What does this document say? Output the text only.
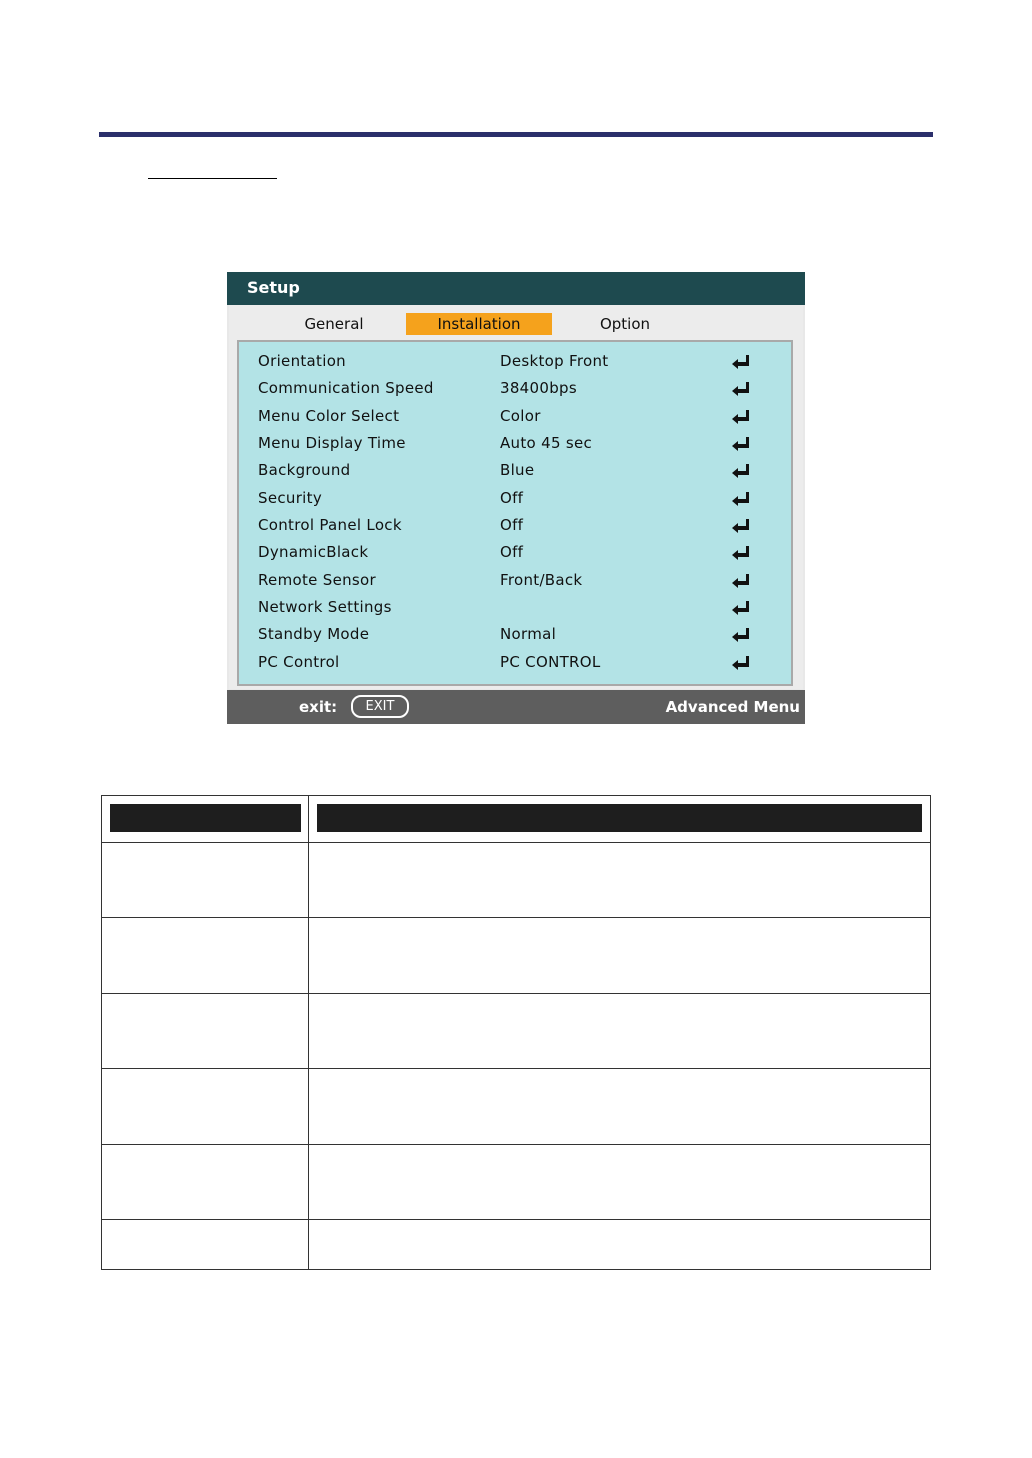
Setup
General	Installation	Option
Orientation	Desktop Front
Communication Speed	38400bps
Menu Color Select	Color
Menu Display Time	Auto 45 sec
Background	Blue
Security	Off
Control Panel Lock	Off
DynamicBlack	Off
Remote Sensor	Front/Back
Network Settings
Standby Mode	Normal
PC Control	PC CONTROL
exit:	EXIT	Advanced Menu
